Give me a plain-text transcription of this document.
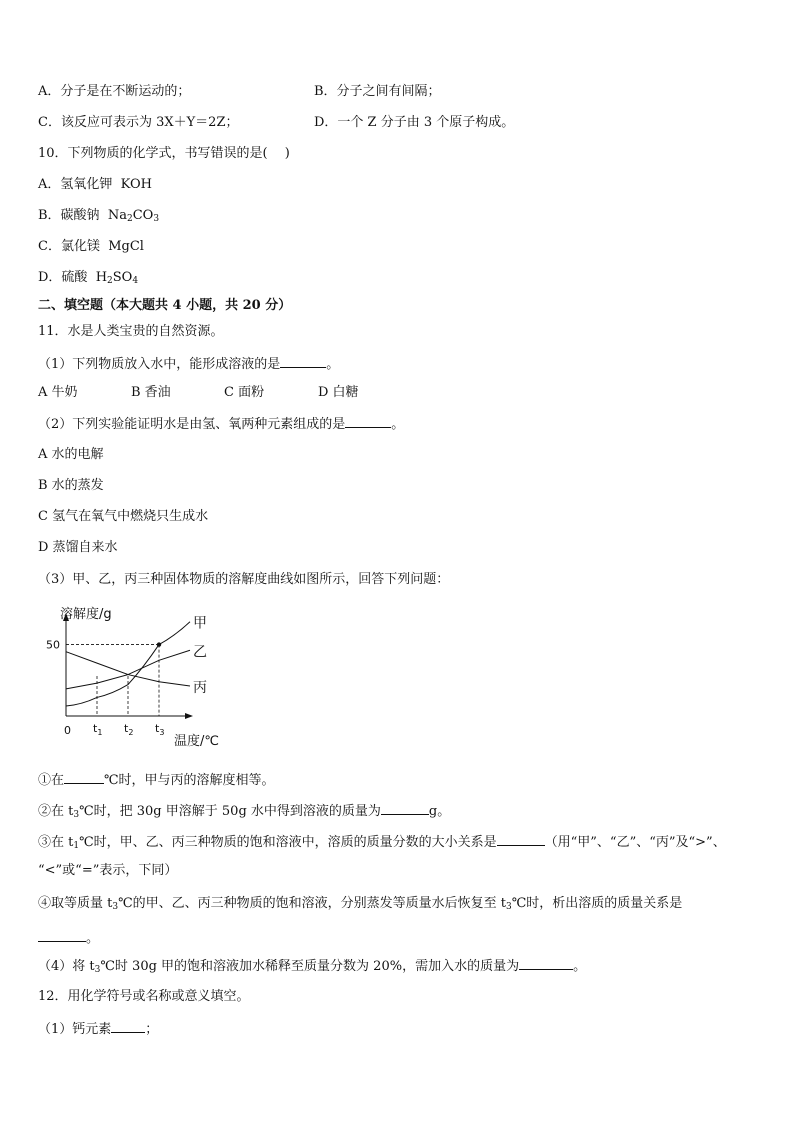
A．分子是在不断运动的；	B．分子之间有间隔；
C．该反应可表示为 3X＋Y＝2Z；	D．一个 Z 分子由 3 个原子构成。
10．下列物质的化学式，书写错误的是(　 )
A．氢氧化钾 KOH
B．碳酸钠 $Na_2CO_3$
C．氯化镁 MgCl
D．硫酸 $H_2SO_4$
二、填空题（本大题共 4 小题，共 20 分）
11．水是人类宝贵的自然资源。
（1）下列物质放入水中，能形成溶液的是	。
A 牛奶	B 香油	C 面粉	D 白糖
（2）下列实验能证明水是由氢、氧两种元素组成的是	。
A 水的电解
B 水的蒸发
C 氢气在氧气中燃烧只生成水
D 蒸馏自来水
（3）甲、乙，丙三种固体物质的溶解度曲线如图所示，回答下列问题：
溶解度/g
温度/℃
0
50
$t_1$ $t_2$ $t_3$
甲
乙
丙
①在	℃时，甲与丙的溶解度相等。
②在 $t_3℃$时，把 30g 甲溶解于 50g 水中得到溶液的质量为	g。
③在 $t_1℃$时，甲、乙、丙三种物质的饱和溶液中，溶质的质量分数的大小关系是	（用“甲”、“乙”、“丙”及“>”、
“<”或“=”表示，下同）
④取等质量 $t_3℃$的甲、乙、丙三种物质的饱和溶液，分别蒸发等质量水后恢复至 $t_3℃$时，析出溶质的质量关系是
。
（4）将 $t_3℃$时 30g 甲的饱和溶液加水稀释至质量分数为 20%，需加入水的质量为	。
12．用化学符号或名称或意义填空。
（1）钙元素	；
